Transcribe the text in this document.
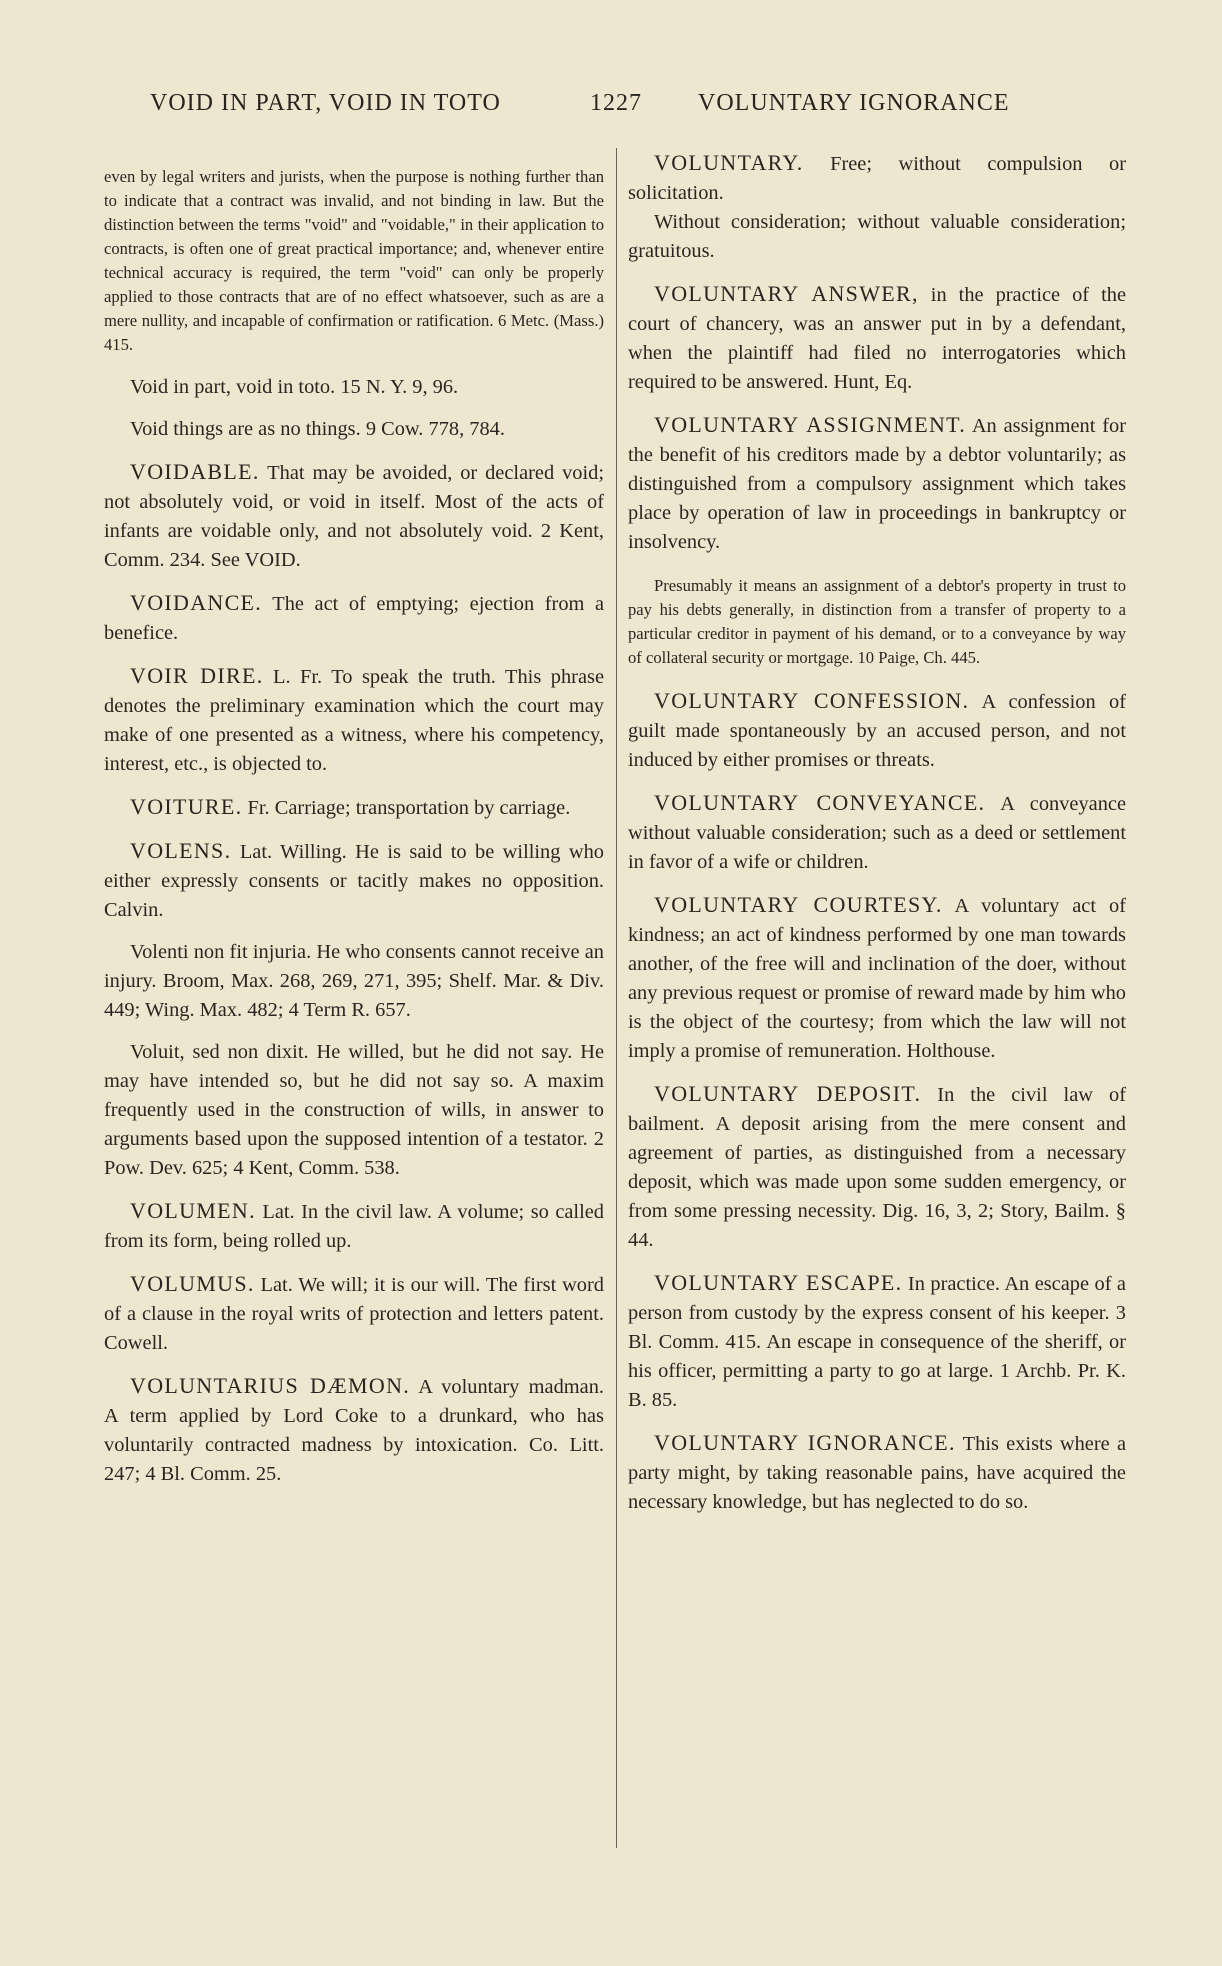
VOID IN PART, VOID IN TOTO	1227 VOLUNTARY IGNORANCE

even by legal writers and jurists, when the purpose is nothing further than to indicate that a contract was invalid, and not binding in law. But the distinction between the terms "void" and "voidable," in their application to contracts, is often one of great practical importance; and, whenever entire technical accuracy is required, the term "void" can only be properly applied to those contracts that are of no effect whatsoever, such as are a mere nullity, and incapable of confirmation or ratification. 6 Metc. (Mass.) 415.

Void in part, void in toto. 15 N. Y. 9, 96.

Void things are as no things. 9 Cow. 778, 784.

VOIDABLE. That may be avoided, or declared void; not absolutely void, or void in itself. Most of the acts of infants are voidable only, and not absolutely void. 2 Kent, Comm. 234. See VOID.

VOIDANCE. The act of emptying; ejection from a benefice.

VOIR DIRE. L. Fr. To speak the truth. This phrase denotes the preliminary examination which the court may make of one presented as a witness, where his competency, interest, etc., is objected to.

VOITURE. Fr. Carriage; transportation by carriage.

VOLENS. Lat. Willing. He is said to be willing who either expressly consents or tacitly makes no opposition. Calvin.

Volenti non fit injuria. He who consents cannot receive an injury. Broom, Max. 268, 269, 271, 395; Shelf. Mar. & Div. 449; Wing. Max. 482; 4 Term R. 657.

Voluit, sed non dixit. He willed, but he did not say. He may have intended so, but he did not say so. A maxim frequently used in the construction of wills, in answer to arguments based upon the supposed intention of a testator. 2 Pow. Dev. 625; 4 Kent, Comm. 538.

VOLUMEN. Lat. In the civil law. A volume; so called from its form, being rolled up.

VOLUMUS. Lat. We will; it is our will. The first word of a clause in the royal writs of protection and letters patent. Cowell.

VOLUNTARIUS DÆMON. A voluntary madman. A term applied by Lord Coke to a drunkard, who has voluntarily contracted madness by intoxication. Co. Litt. 247; 4 Bl. Comm. 25.

VOLUNTARY. Free; without compulsion or solicitation.
Without consideration; without valuable consideration; gratuitous.

VOLUNTARY ANSWER, in the practice of the court of chancery, was an answer put in by a defendant, when the plaintiff had filed no interrogatories which required to be answered. Hunt, Eq.

VOLUNTARY ASSIGNMENT. An assignment for the benefit of his creditors made by a debtor voluntarily; as distinguished from a compulsory assignment which takes place by operation of law in proceedings in bankruptcy or insolvency.

Presumably it means an assignment of a debtor's property in trust to pay his debts generally, in distinction from a transfer of property to a particular creditor in payment of his demand, or to a conveyance by way of collateral security or mortgage. 10 Paige, Ch. 445.

VOLUNTARY CONFESSION. A confession of guilt made spontaneously by an accused person, and not induced by either promises or threats.

VOLUNTARY CONVEYANCE. A conveyance without valuable consideration; such as a deed or settlement in favor of a wife or children.

VOLUNTARY COURTESY. A voluntary act of kindness; an act of kindness performed by one man towards another, of the free will and inclination of the doer, without any previous request or promise of reward made by him who is the object of the courtesy; from which the law will not imply a promise of remuneration. Holthouse.

VOLUNTARY DEPOSIT. In the civil law of bailment. A deposit arising from the mere consent and agreement of parties, as distinguished from a necessary deposit, which was made upon some sudden emergency, or from some pressing necessity. Dig. 16, 3, 2; Story, Bailm. § 44.

VOLUNTARY ESCAPE. In practice. An escape of a person from custody by the express consent of his keeper. 3 Bl. Comm. 415. An escape in consequence of the sheriff, or his officer, permitting a party to go at large. 1 Archb. Pr. K. B. 85.

VOLUNTARY IGNORANCE. This exists where a party might, by taking reasonable pains, have acquired the necessary knowledge, but has neglected to do so.
